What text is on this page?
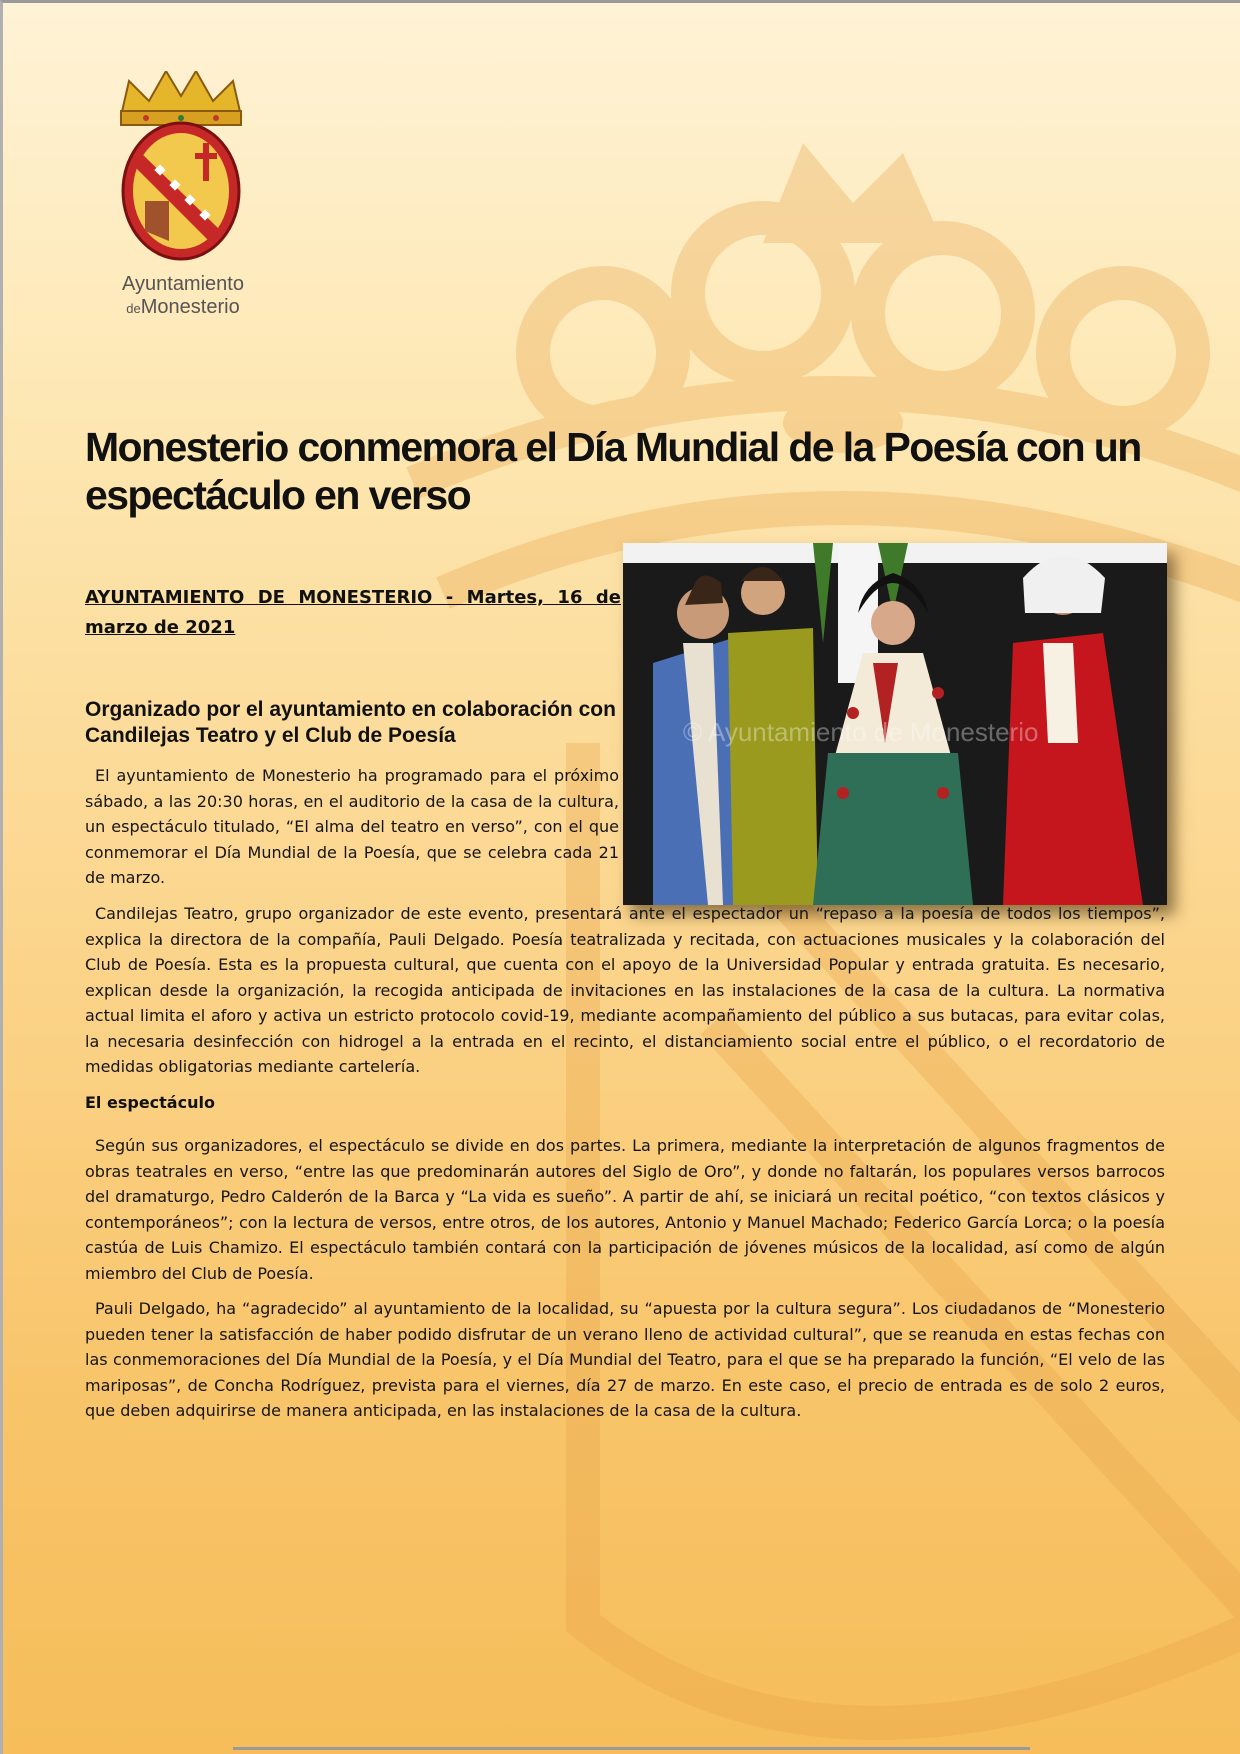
Ayuntamiento
deMonesterio
Monesterio conmemora el Día Mundial de la Poesía con un espectáculo en verso

AYUNTAMIENTO DE MONESTERIO - Martes, 16 de marzo de 2021

© Ayuntamiento de Monesterio
Organizado por el ayuntamiento en colaboración con Candilejas Teatro y el Club de Poesía

El ayuntamiento de Monesterio ha programado para el próximo sábado, a las 20:30 horas, en el auditorio de la casa de la cultura, un espectáculo titulado, “El alma del teatro en verso”, con el que conmemorar el Día Mundial de la Poesía, que se celebra cada 21 de marzo.

Candilejas Teatro, grupo organizador de este evento, presentará ante el espectador un “repaso a la poesía de todos los tiempos”, explica la directora de la compañía, Pauli Delgado. Poesía teatralizada y recitada, con actuaciones musicales y la colaboración del Club de Poesía. Esta es la propuesta cultural, que cuenta con el apoyo de la Universidad Popular y entrada gratuita. Es necesario, explican desde la organización, la recogida anticipada de invitaciones en las instalaciones de la casa de la cultura. La normativa actual limita el aforo y activa un estricto protocolo covid-19, mediante acompañamiento del público a sus butacas, para evitar colas, la necesaria desinfección con hidrogel a la entrada en el recinto, el distanciamiento social entre el público, o el recordatorio de medidas obligatorias mediante cartelería.

El espectáculo

Según sus organizadores, el espectáculo se divide en dos partes. La primera, mediante la interpretación de algunos fragmentos de obras teatrales en verso, “entre las que predominarán autores del Siglo de Oro”, y donde no faltarán, los populares versos barrocos del dramaturgo, Pedro Calderón de la Barca y “La vida es sueño”. A partir de ahí, se iniciará un recital poético, “con textos clásicos y contemporáneos”; con la lectura de versos, entre otros, de los autores, Antonio y Manuel Machado; Federico García Lorca; o la poesía castúa de Luis Chamizo. El espectáculo también contará con la participación de jóvenes músicos de la localidad, así como de algún miembro del Club de Poesía.

Pauli Delgado, ha “agradecido” al ayuntamiento de la localidad, su “apuesta por la cultura segura”. Los ciudadanos de “Monesterio pueden tener la satisfacción de haber podido disfrutar de un verano lleno de actividad cultural”, que se reanuda en estas fechas con las conmemoraciones del Día Mundial de la Poesía, y el Día Mundial del Teatro, para el que se ha preparado la función, “El velo de las mariposas”, de Concha Rodríguez, prevista para el viernes, día 27 de marzo. En este caso, el precio de entrada es de solo 2 euros, que deben adquirirse de manera anticipada, en las instalaciones de la casa de la cultura.
